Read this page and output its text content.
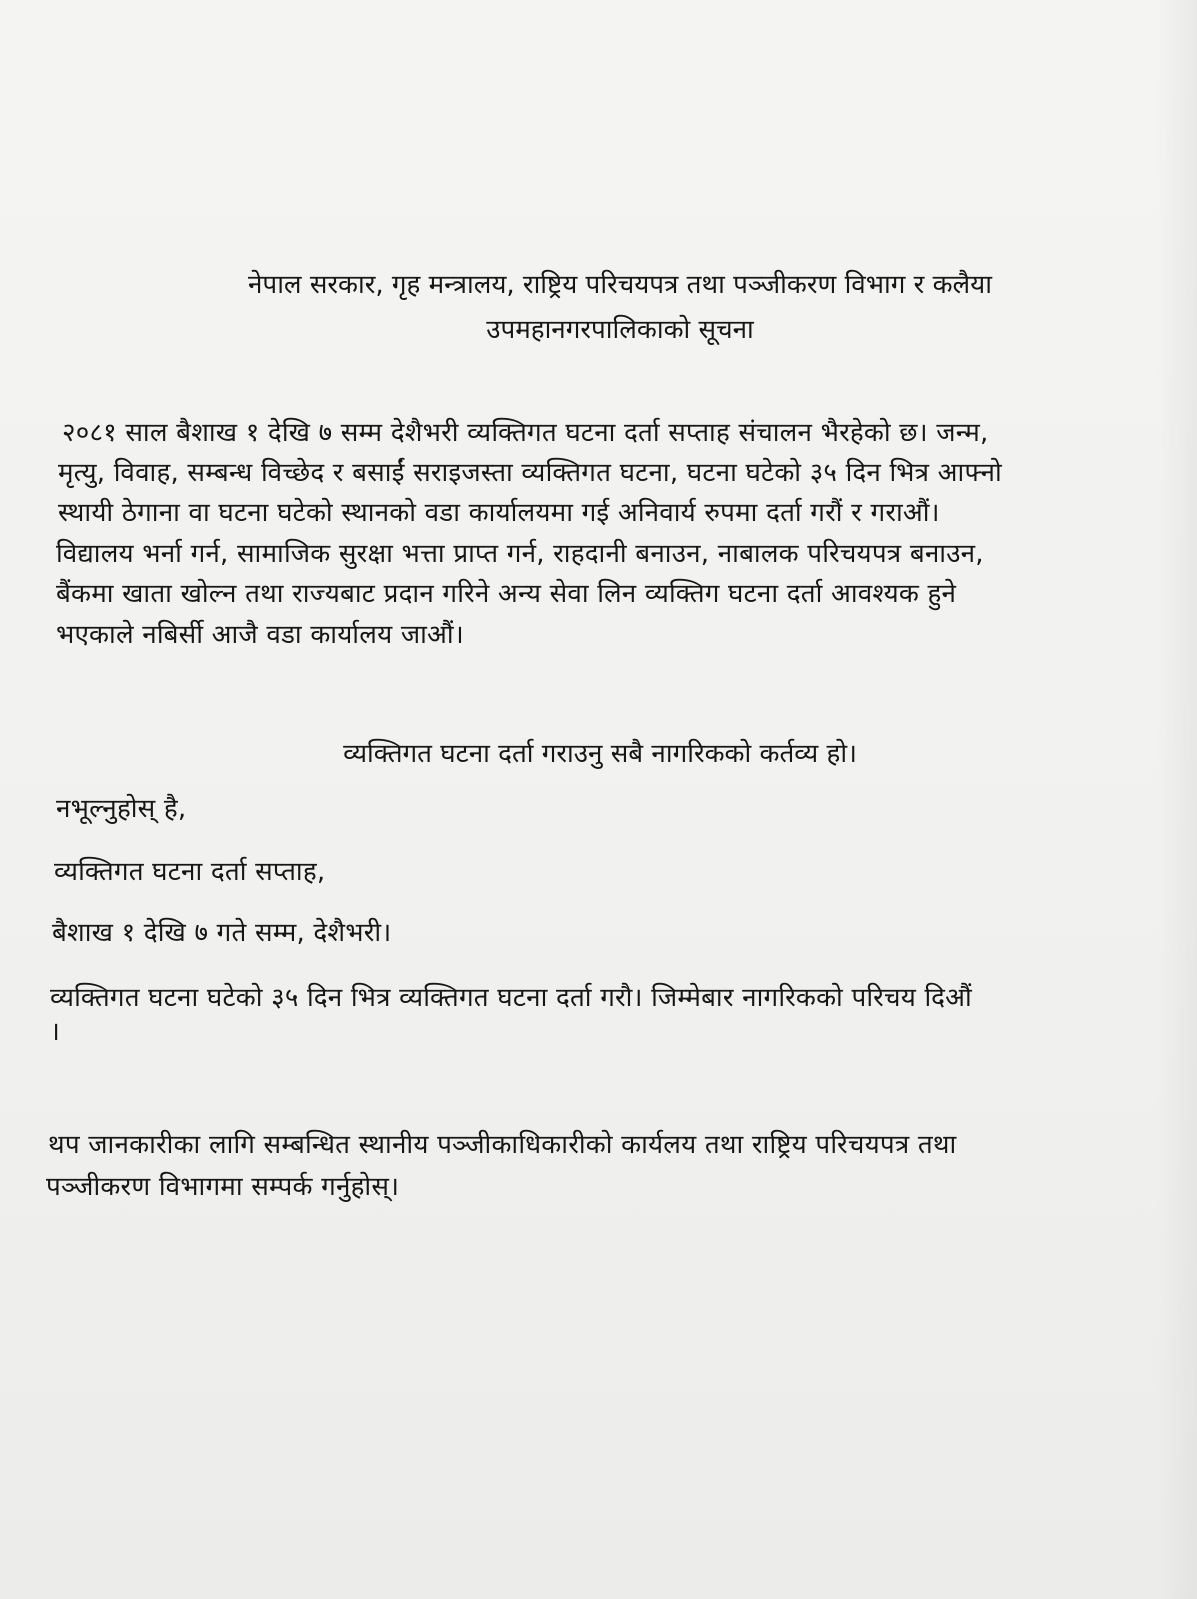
नेपाल सरकार, गृह मन्त्रालय, राष्ट्रिय परिचयपत्र तथा पञ्जीकरण विभाग र कलैया
उपमहानगरपालिकाको सूचना
२०८१ साल बैशाख १ देखि ७ सम्म देशैभरी व्यक्तिगत घटना दर्ता सप्ताह संचालन भैरहेको छ। जन्म,
मृत्यु, विवाह, सम्बन्ध विच्छेद र बसाईं सराइजस्ता व्यक्तिगत घटना, घटना घटेको ३५ दिन भित्र आफ्नो
स्थायी ठेगाना वा घटना घटेको स्थानको वडा कार्यालयमा गई अनिवार्य रुपमा दर्ता गरौं र गराऔं।
विद्यालय भर्ना गर्न, सामाजिक सुरक्षा भत्ता प्राप्त गर्न, राहदानी बनाउन, नाबालक परिचयपत्र बनाउन,
बैंकमा खाता खोल्न तथा राज्यबाट प्रदान गरिने अन्य सेवा लिन व्यक्तिग घटना दर्ता आवश्यक हुने
भएकाले नबिर्सी आजै वडा कार्यालय जाऔं।
व्यक्तिगत घटना दर्ता गराउनु सबै नागरिकको कर्तव्य हो।
नभूल्नुहोस् है,
व्यक्तिगत घटना दर्ता सप्ताह,
बैशाख १ देखि ७ गते सम्म, देशैभरी।
व्यक्तिगत घटना घटेको ३५ दिन भित्र व्यक्तिगत घटना दर्ता गरौ। जिम्मेबार नागरिकको परिचय दिऔं
।
थप जानकारीका लागि सम्बन्धित स्थानीय पञ्जीकाधिकारीको कार्यलय तथा राष्ट्रिय परिचयपत्र तथा
पञ्जीकरण विभागमा सम्पर्क गर्नुहोस्।
